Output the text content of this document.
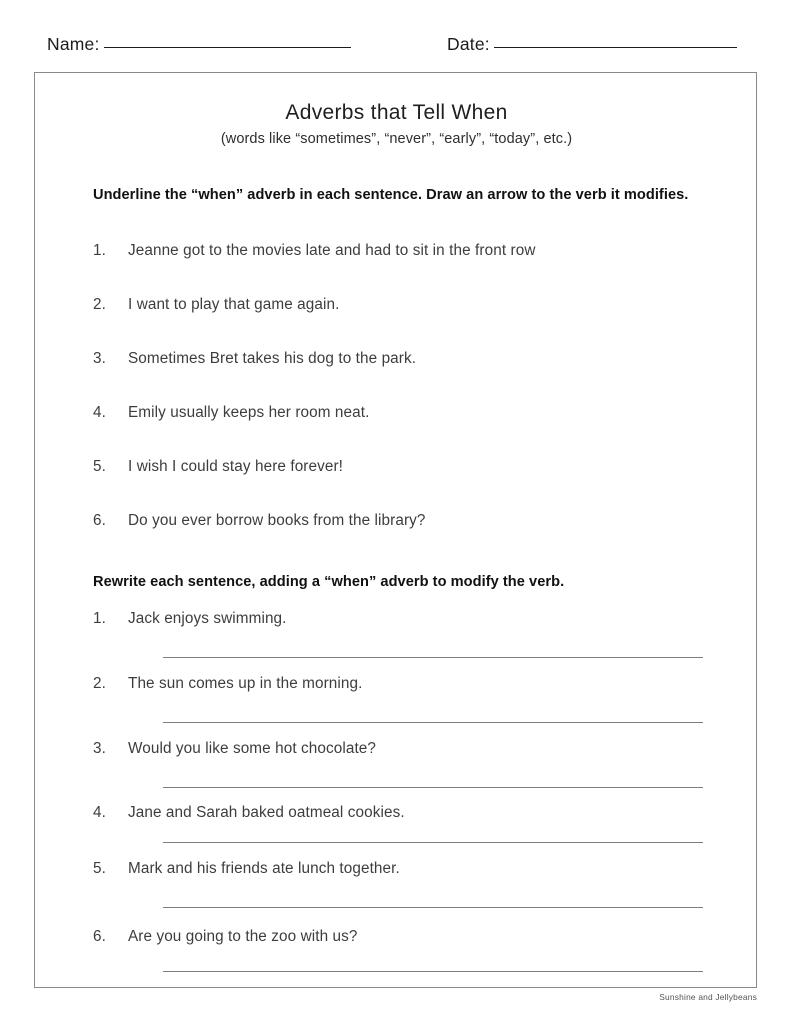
Name:	Date:
Adverbs that Tell When
(words like “sometimes”, “never”, “early”, “today”, etc.)
Underline the “when” adverb in each sentence. Draw an arrow to the verb it modifies.
1.	Jeanne got to the movies late and had to sit in the front row
2.	I want to play that game again.
3.	Sometimes Bret takes his dog to the park.
4.	Emily usually keeps her room neat.
5.	I wish I could stay here forever!
6.	Do you ever borrow books from the library?
Rewrite each sentence, adding a “when” adverb to modify the verb.
1.	Jack enjoys swimming.
2.	The sun comes up in the morning.
3.	Would you like some hot chocolate?
4.	Jane and Sarah baked oatmeal cookies.
5.	Mark and his friends ate lunch together.
6.	Are you going to the zoo with us?
Sunshine and Jellybeans
